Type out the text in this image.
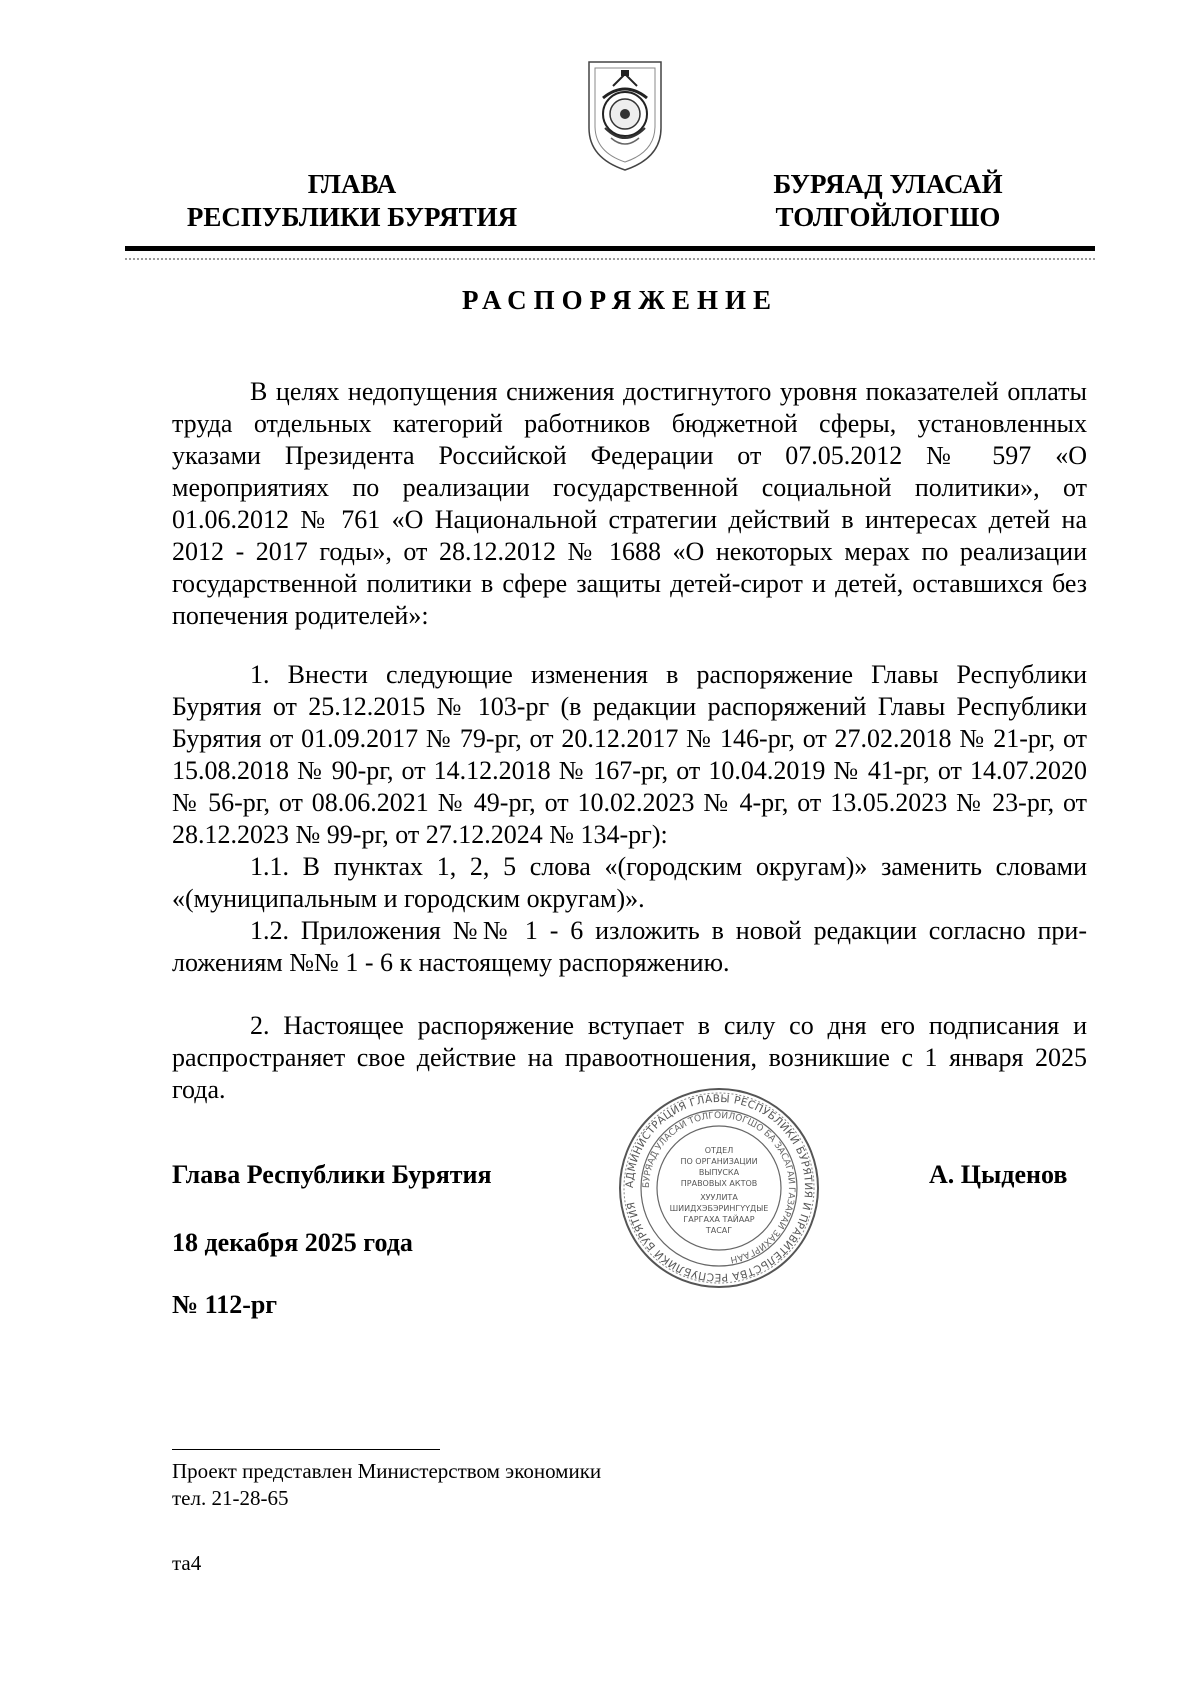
ГЛАВА
РЕСПУБЛИКИ БУРЯТИЯ
БУРЯАД УЛАСАЙ
ТОЛГОЙЛОГШО
РАСПОРЯЖЕНИЕ

В целях недопущения снижения достигнутого уровня показателей оплаты труда отдельных категорий работников бюджетной сферы, установленных указами Президента Российской Федерации от 07.05.2012 № 597 «О мероприятиях по реализации государственной социальной политики», от 01.06.2012 № 761 «О Национальной стратегии действий в интересах детей на 2012 - 2017 годы», от 28.12.2012 № 1688 «О некоторых мерах по реализации государственной политики в сфере защиты детей-сирот и детей, оставшихся без попечения родителей»:

1. Внести следующие изменения в распоряжение Главы Республики Бурятия от 25.12.2015 № 103-рг (в редакции распоряжений Главы Республики Бурятия от 01.09.2017 № 79-рг, от 20.12.2017 № 146-рг, от 27.02.2018 № 21-рг, от 15.08.2018 № 90-рг, от 14.12.2018 № 167-рг, от 10.04.2019 № 41-рг, от 14.07.2020 № 56-рг, от 08.06.2021 № 49-рг, от 10.02.2023 № 4-рг, от 13.05.2023 № 23-рг, от 28.12.2023 № 99-рг, от 27.12.2024 № 134-рг):

1.1. В пунктах 1, 2, 5 слова «(городским округам)» заменить словами «(муниципальным и городским округам)».

1.2. Приложения №№ 1 - 6 изложить в новой редакции согласно приложениям №№ 1 - 6 к настоящему распоряжению.

2. Настоящее распоряжение вступает в силу со дня его подписания и распространяет свое действие на правоотношения, возникшие с 1 января 2025 года.

Глава Республики Бурятия	А. Цыденов
18 декабря 2025 года
№ 112-рг
АДМИНИСТРАЦИЯ ГЛАВЫ РЕСПУБЛИКИ БУРЯТИЯ И ПРАВИТЕЛЬСТВА РЕСПУБЛИКИ БУРЯТИЯ
БУРЯАД УЛАСАЙ ТОЛГОЙЛОГШО БА ЗАСАГАЙ ГАЗАРАЙ ЗАХИРГААН
ОТДЕЛ
ПО ОРГАНИЗАЦИИ
ВЫПУСКА
ПРАВОВЫХ АКТОВ
ХУУЛИТА
ШИИДХЭБЭРИНГҮҮДЫЕ
ГАРГАХА ТАЙААР
ТАСАГ
Проект представлен Министерством экономики
тел. 21-28-65
та4
